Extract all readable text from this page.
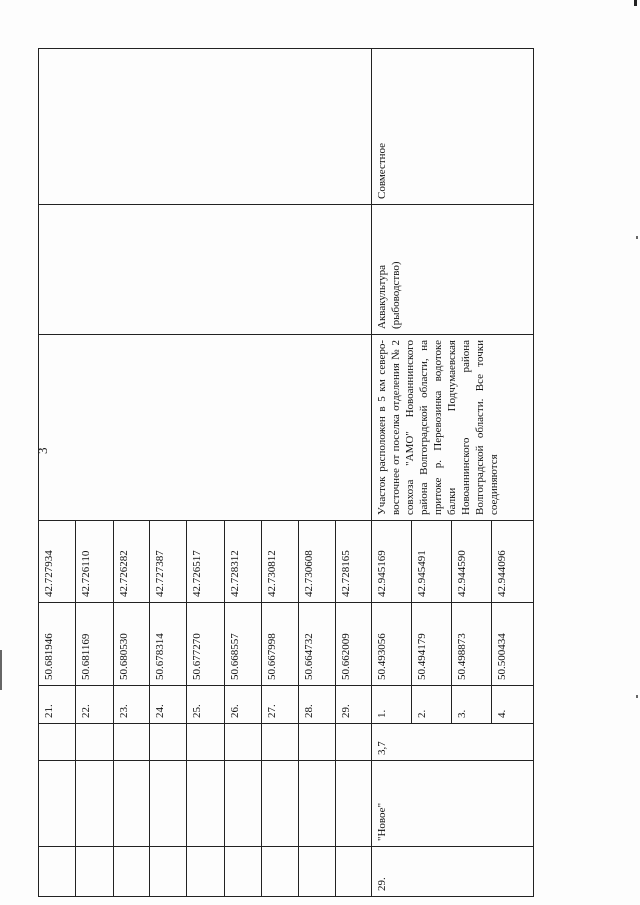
3
			21.	50.681946	42.727934			
			22.	50.681169	42.726110			
			23.	50.680530	42.726282			
			24.	50.678314	42.727387			
			25.	50.677270	42.726517			
			26.	50.668557	42.728312			
			27.	50.667998	42.730812			
			28.	50.664732	42.730608			
			29.	50.662009	42.728165			
29.	"Новое"	3,7	1.	50.493056	42.945169	Участок расположен в 5 км северо-восточнее от поселка отделения № 2 совхоза "АМО" Новоаннинского района Волгоградской области, на притоке р. Перевозинка водотоке балки Подчумаевская Новоаннинского района Волгоградской области. Все точки соединяются	Аквакультура (рыбоводство)	Совместное
			2.	50.494179	42.945491			
			3.	50.498873	42.944590			
			4.	50.500434	42.944096			
